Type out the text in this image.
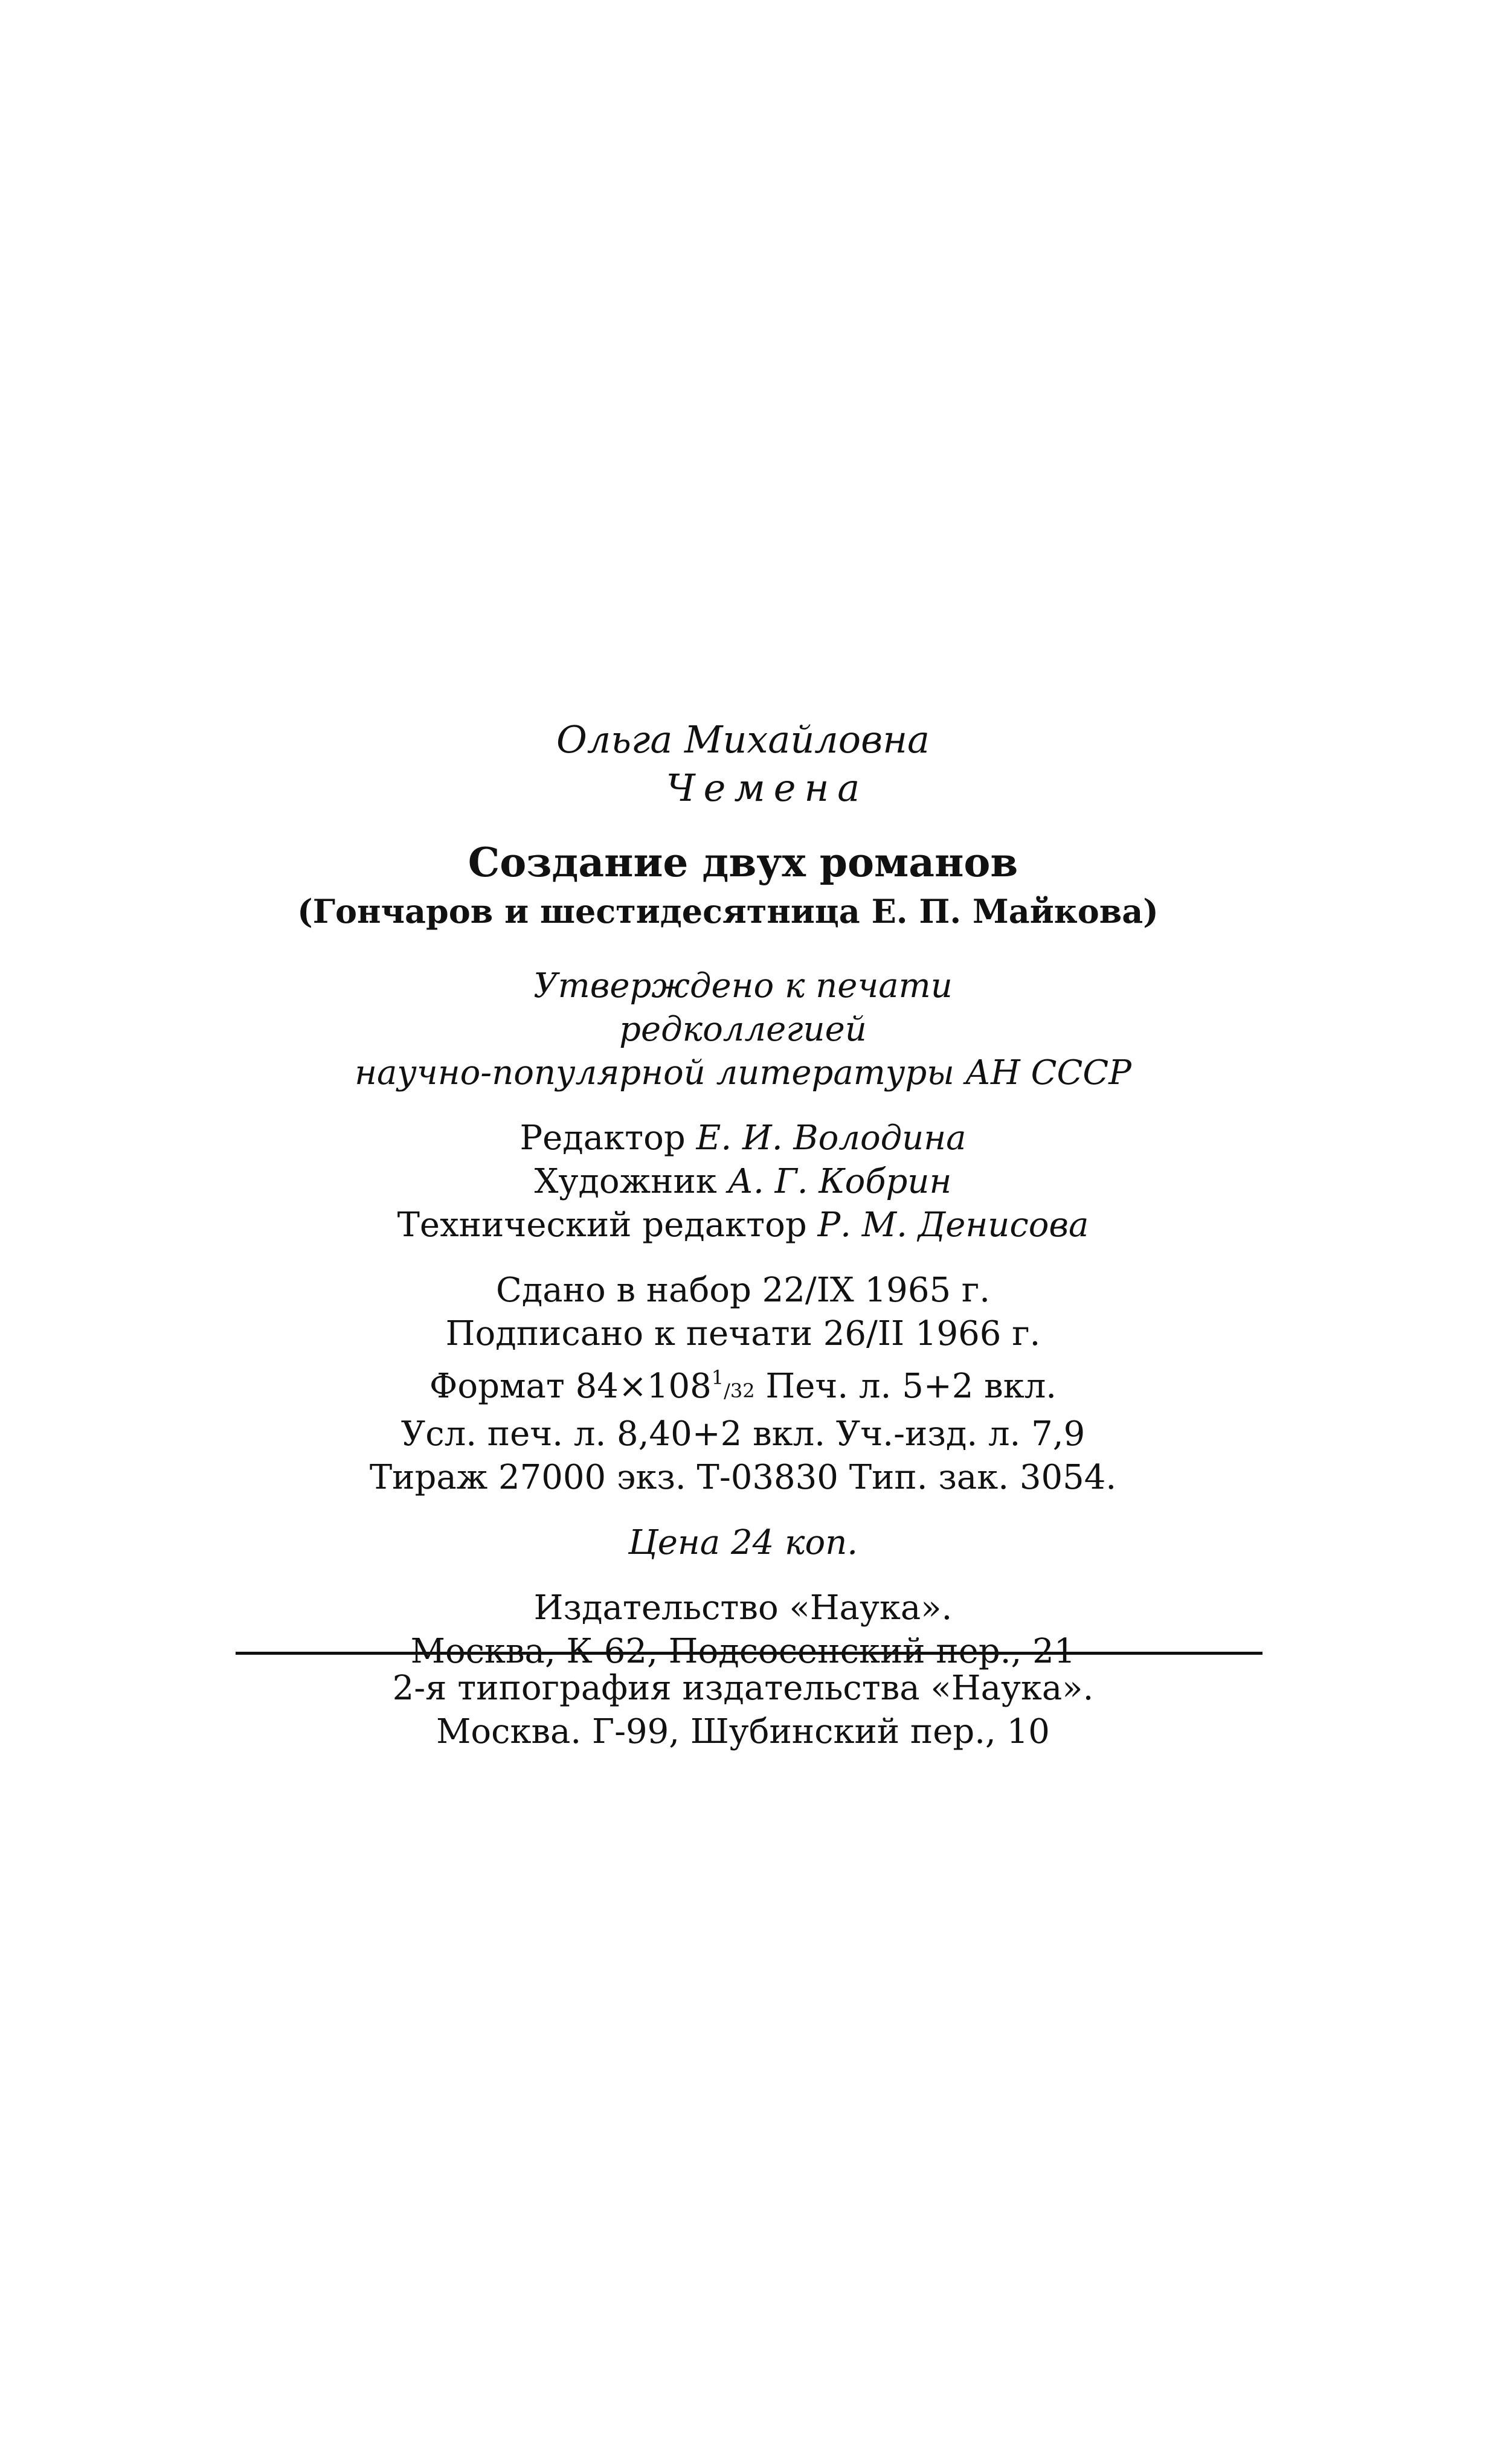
Ольга Михайловна
Чемена
Создание двух романов
(Гончаров и шестидесятница Е. П. Майкова)
Утверждено к печати
редколлегией
научно-популярной литературы АН СССР
Редактор Е. И. Володина
Художник А. Г. Кобрин
Технический редактор Р. М. Денисова
Сдано в набор 22/IX 1965 г.
Подписано к печати 26/II 1966 г.
Формат $84\times 108^1/32$ Печ. л. 5+2 вкл.
Усл. печ. л. 8,40+2 вкл. Уч.-изд. л. 7,9
Тираж 27000 экз. Т-03830 Тип. зак. 3054.
Цена 24 коп.
Издательство «Наука».
Москва, К-62, Подсосенский пер., 21
2-я типография издательства «Наука».
Москва. Г-99, Шубинский пер., 10
